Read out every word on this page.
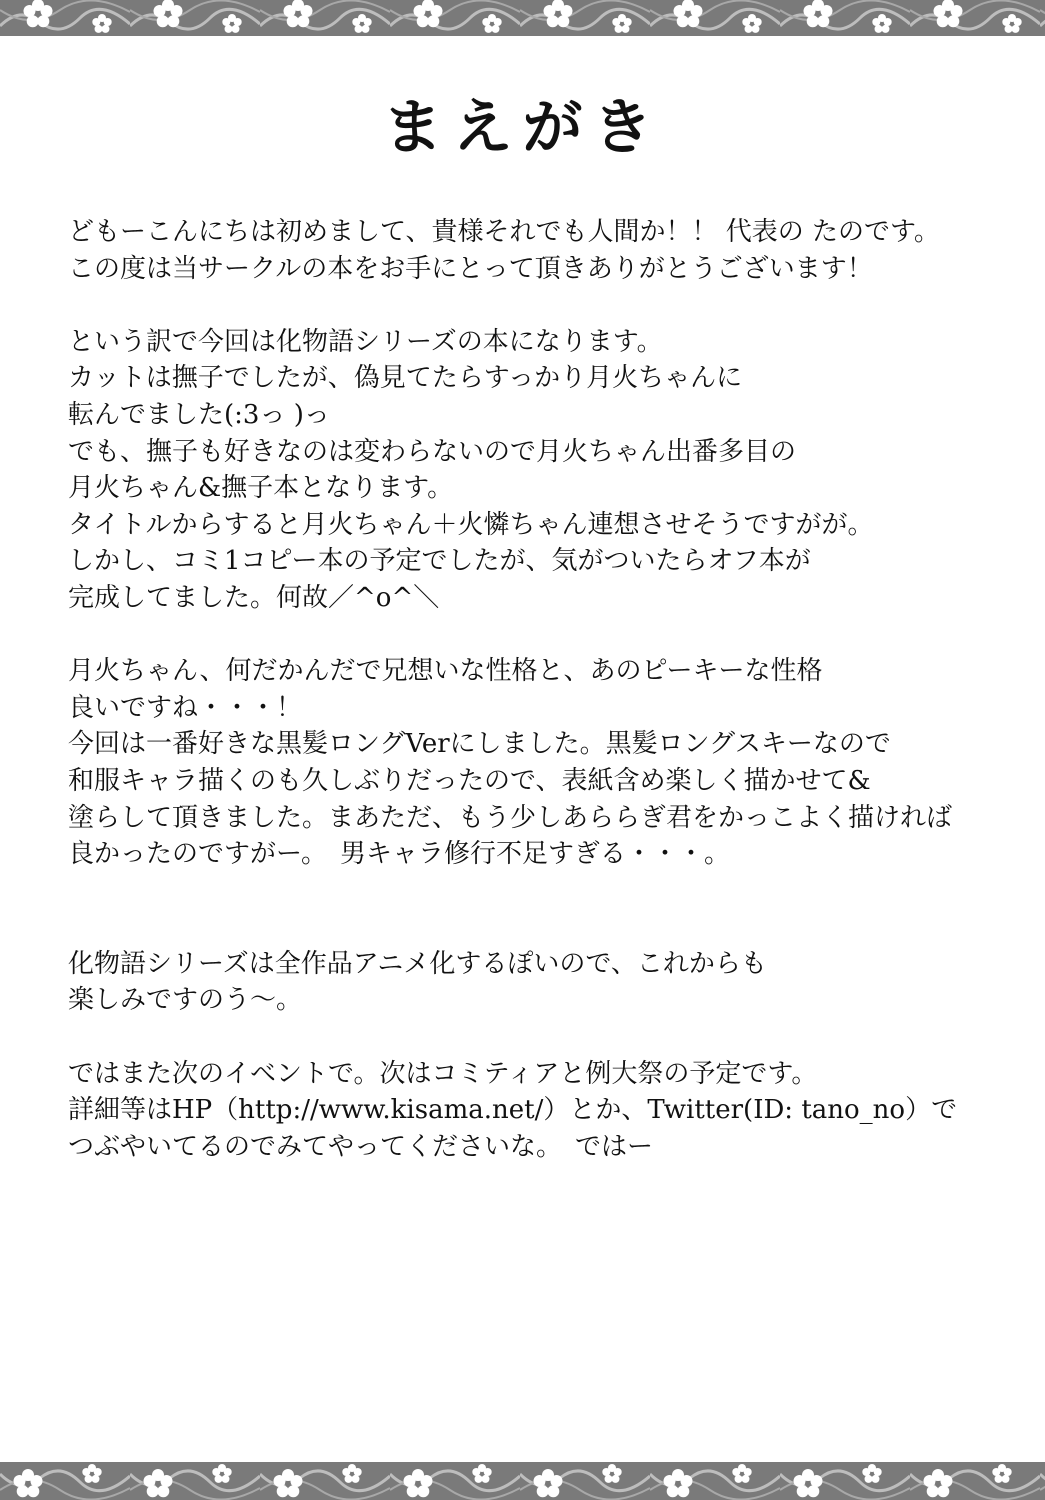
まえがき
どもーこんにちは初めまして、貴様それでも人間か！！ 代表の たのです。
この度は当サークルの本をお手にとって頂きありがとうございます！
という訳で今回は化物語シリーズの本になります。
カットは撫子でしたが、偽見てたらすっかり月火ちゃんに
転んでました(:3っ )っ
でも、撫子も好きなのは変わらないので月火ちゃん出番多目の
月火ちゃん&撫子本となります。
タイトルからすると月火ちゃん＋火憐ちゃん連想させそうですがが。
しかし、コミ1コピー本の予定でしたが、気がついたらオフ本が
完成してました。何故／^o^＼
月火ちゃん、何だかんだで兄想いな性格と、あのピーキーな性格
良いですね・・・！
今回は一番好きな黒髪ロングVerにしました。黒髪ロングスキーなので
和服キャラ描くのも久しぶりだったので、表紙含め楽しく描かせて&
塗らして頂きました。まあただ、もう少しあららぎ君をかっこよく描ければ
良かったのですがー。　男キャラ修行不足すぎる・・・。
化物語シリーズは全作品アニメ化するぽいので、これからも
楽しみですのう〜。
ではまた次のイベントで。次はコミティアと例大祭の予定です。
詳細等はHP（http://www.kisama.net/）とか、Twitter(ID: tano_no）で
つぶやいてるのでみてやってくださいな。　ではー
